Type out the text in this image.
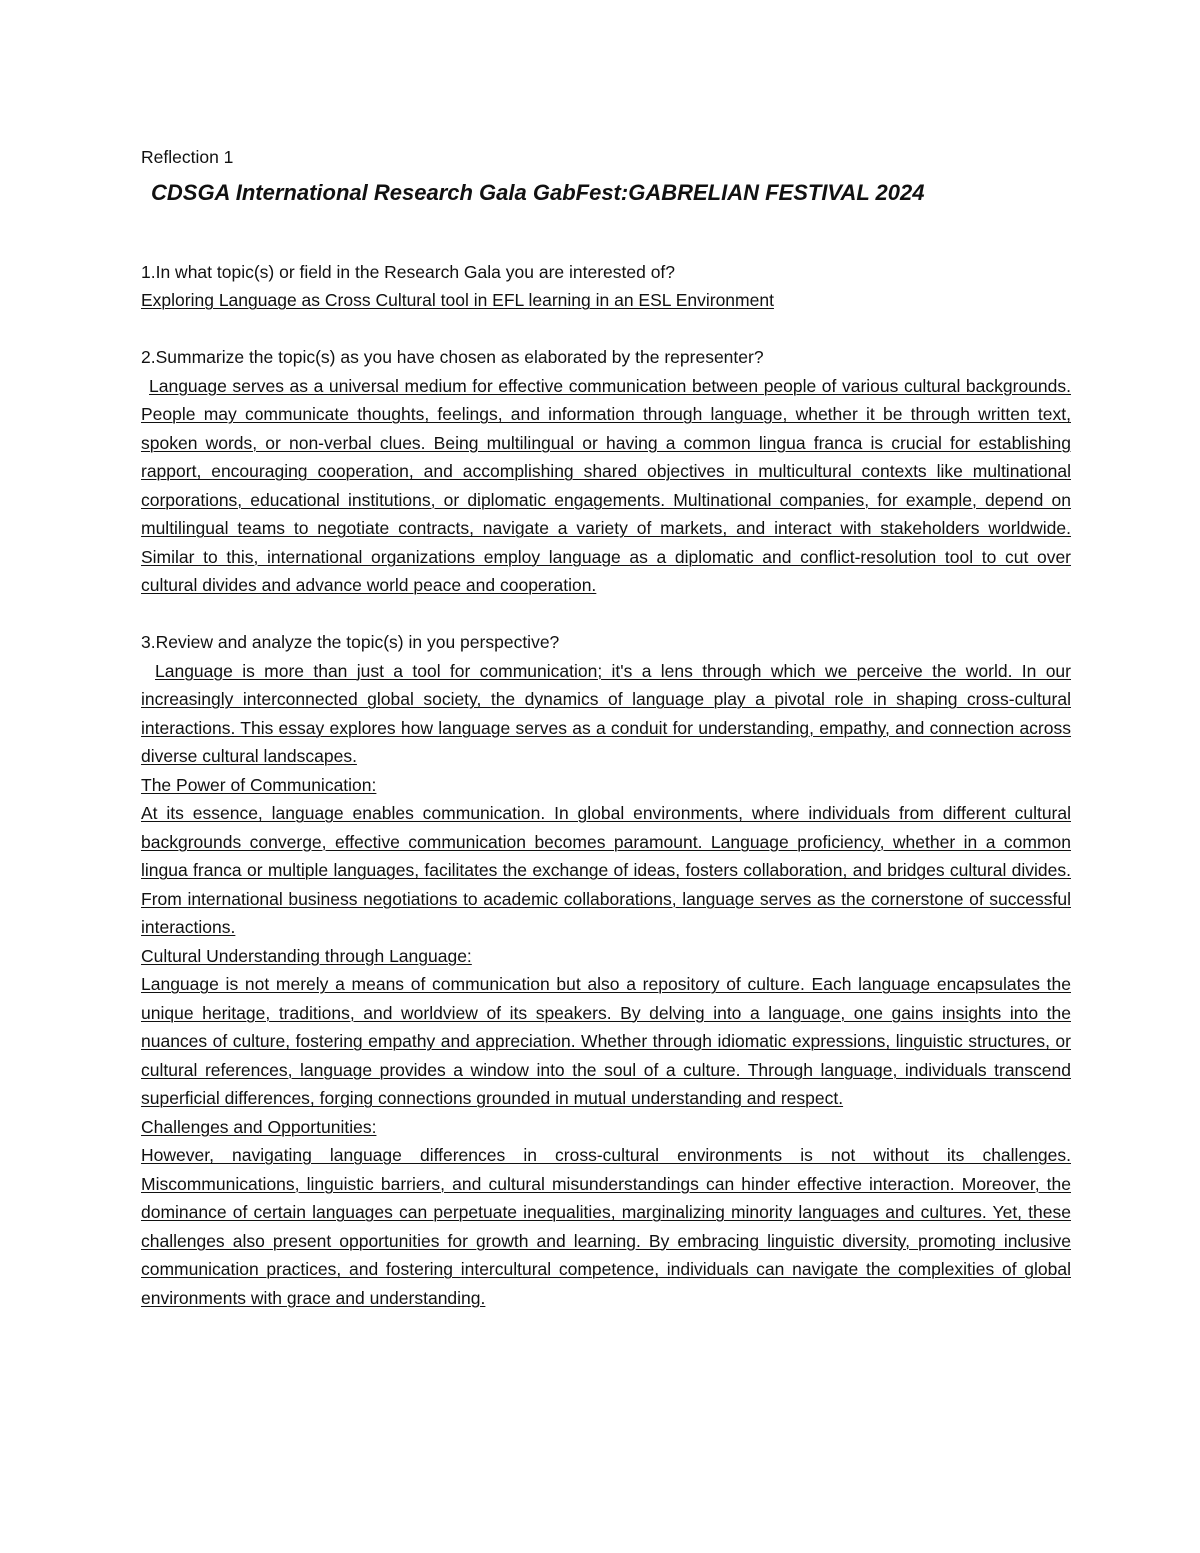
Reflection 1

CDSGA International Research Gala GabFest:GABRELIAN FESTIVAL 2024

1.In what topic(s) or field in the Research Gala you are interested of?

Exploring Language as Cross Cultural tool in EFL learning in an ESL Environment

2.Summarize the topic(s) as you have chosen as elaborated by the representer?

Language serves as a universal medium for effective communication between people of various cultural backgrounds. People may communicate thoughts, feelings, and information through language, whether it be through written text, spoken words, or non-verbal clues. Being multilingual or having a common lingua franca is crucial for establishing rapport, encouraging cooperation, and accomplishing shared objectives in multicultural contexts like multinational corporations, educational institutions, or diplomatic engagements. Multinational companies, for example, depend on multilingual teams to negotiate contracts, navigate a variety of markets, and interact with stakeholders worldwide. Similar to this, international organizations employ language as a diplomatic and conflict-resolution tool to cut over cultural divides and advance world peace and cooperation.

3.Review and analyze the topic(s) in you perspective?

Language is more than just a tool for communication; it's a lens through which we perceive the world. In our increasingly interconnected global society, the dynamics of language play a pivotal role in shaping cross-cultural interactions. This essay explores how language serves as a conduit for understanding, empathy, and connection across diverse cultural landscapes.

The Power of Communication:

At its essence, language enables communication. In global environments, where individuals from different cultural backgrounds converge, effective communication becomes paramount. Language proficiency, whether in a common lingua franca or multiple languages, facilitates the exchange of ideas, fosters collaboration, and bridges cultural divides. From international business negotiations to academic collaborations, language serves as the cornerstone of successful interactions.

Cultural Understanding through Language:

Language is not merely a means of communication but also a repository of culture. Each language encapsulates the unique heritage, traditions, and worldview of its speakers. By delving into a language, one gains insights into the nuances of culture, fostering empathy and appreciation. Whether through idiomatic expressions, linguistic structures, or cultural references, language provides a window into the soul of a culture. Through language, individuals transcend superficial differences, forging connections grounded in mutual understanding and respect.

Challenges and Opportunities:

However, navigating language differences in cross-cultural environments is not without its challenges. Miscommunications, linguistic barriers, and cultural misunderstandings can hinder effective interaction. Moreover, the dominance of certain languages can perpetuate inequalities, marginalizing minority languages and cultures. Yet, these challenges also present opportunities for growth and learning. By embracing linguistic diversity, promoting inclusive communication practices, and fostering intercultural competence, individuals can navigate the complexities of global environments with grace and understanding.
